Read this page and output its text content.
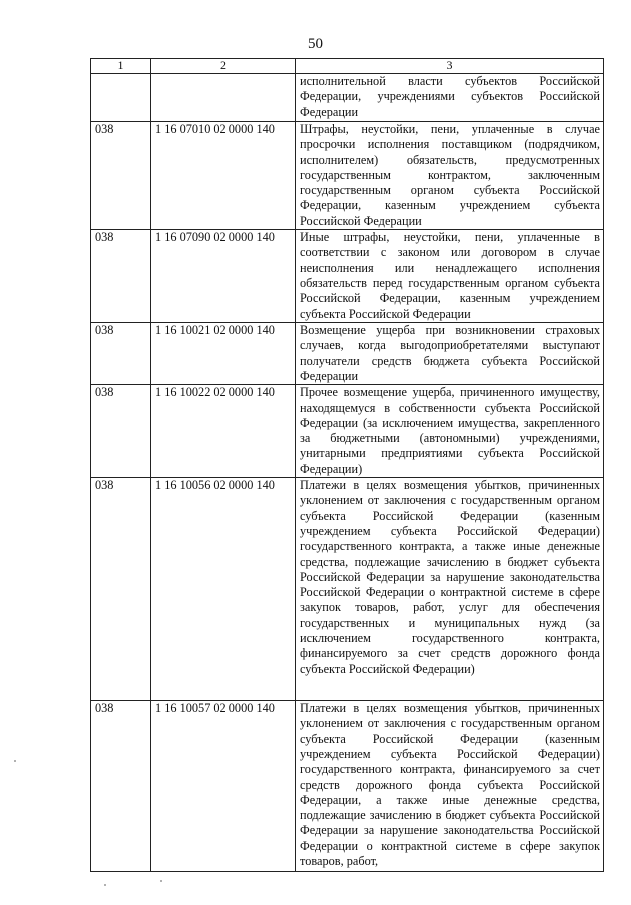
50
1	2	3
		исполнительной власти субъектов Российской Федерации, учреждениями субъектов Российской Федерации
038	1 16 07010 02 0000 140	Штрафы, неустойки, пени, уплаченные в случае просрочки исполнения поставщиком (подрядчиком, исполнителем) обязательств, предусмотренных государственным контрактом, заключенным государственным органом субъекта Российской Федерации, казенным учреждением субъекта Российской Федерации
038	1 16 07090 02 0000 140	Иные штрафы, неустойки, пени, уплаченные в соответствии с законом или договором в случае неисполнения или ненадлежащего исполнения обязательств перед государственным органом субъекта Российской Федерации, казенным учреждением субъекта Российской Федерации
038	1 16 10021 02 0000 140	Возмещение ущерба при возникновении страховых случаев, когда выгодоприобретателями выступают получатели средств бюджета субъекта Российской Федерации
038	1 16 10022 02 0000 140	Прочее возмещение ущерба, причиненного имуществу, находящемуся в собственности субъекта Российской Федерации (за исключением имущества, закрепленного за бюджетными (автономными) учреждениями, унитарными предприятиями субъекта Российской Федерации)
038	1 16 10056 02 0000 140	Платежи в целях возмещения убытков, причиненных уклонением от заключения с государственным органом субъекта Российской Федерации (казенным учреждением субъекта Российской Федерации) государственного контракта, а также иные денежные средства, подлежащие зачислению в бюджет субъекта Российской Федерации за нарушение законодательства Российской Федерации о контрактной системе в сфере закупок товаров, работ, услуг для обеспечения государственных и муниципальных нужд (за исключением государственного контракта, финансируемого за счет средств дорожного фонда субъекта Российской Федерации)
038	1 16 10057 02 0000 140	Платежи в целях возмещения убытков, причиненных уклонением от заключения с государственным органом субъекта Российской Федерации (казенным учреждением субъекта Российской Федерации) государственного контракта, финансируемого за счет средств дорожного фонда субъекта Российской Федерации, а также иные денежные средства, подлежащие зачислению в бюджет субъекта Российской Федерации за нарушение законодательства Российской Федерации о контрактной системе в сфере закупок товаров, работ,
